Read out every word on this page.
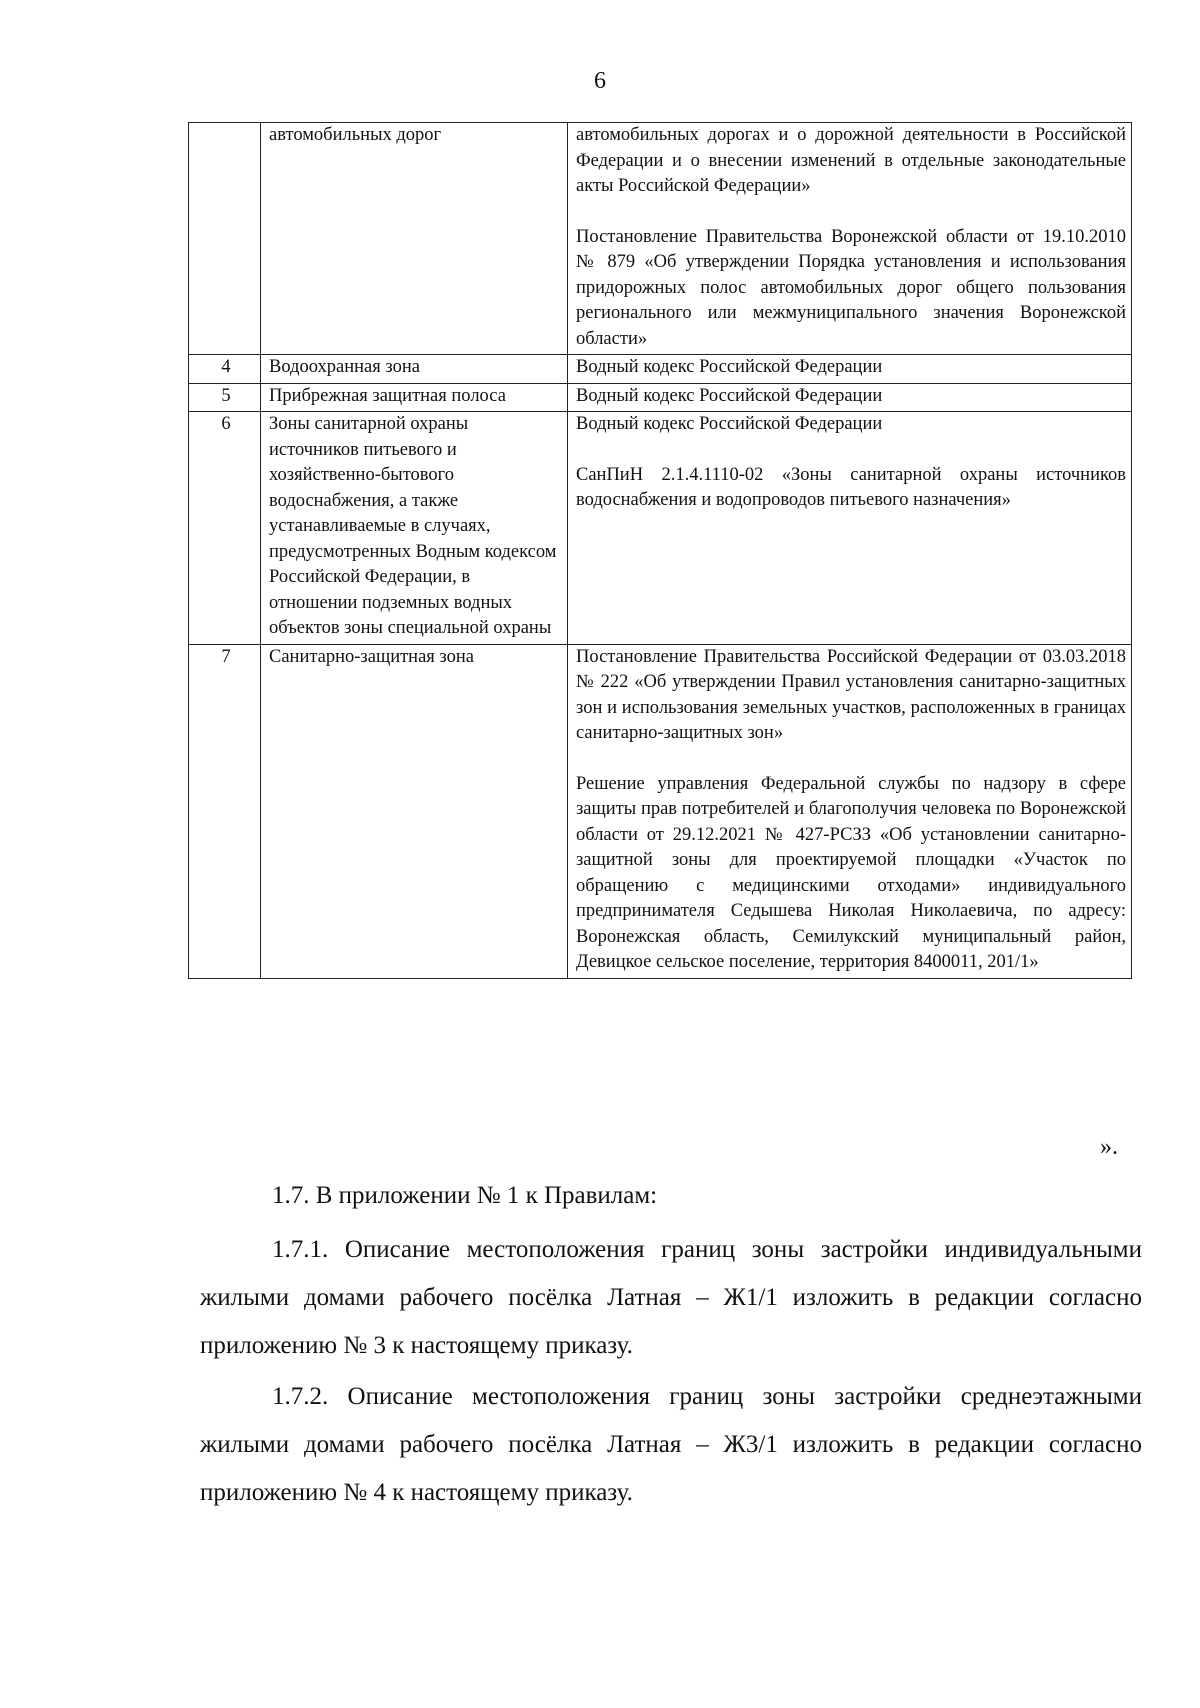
6
	автомобильных дорог	автомобильных дорогах и о дорожной деятельности в Российской Федерации и о внесении изменений в отдельные законодательные акты Российской Федерации»

Постановление Правительства Воронежской области от 19.10.2010 № 879 «Об утверждении Порядка установления и использования придорожных полос автомобильных дорог общего пользования регионального или межмуниципального значения Воронежской области»

4	Водоохранная зона	Водный кодекс Российской Федерации

5	Прибрежная защитная полоса	Водный кодекс Российской Федерации

6	Зоны санитарной охраны источников питьевого и хозяйственно-бытового водоснабжения, а также устанавливаемые в случаях, предусмотренных Водным кодексом Российской Федерации, в отношении подземных водных объектов зоны специальной охраны	Водный кодекс Российской Федерации

СанПиН 2.1.4.1110-02 «Зоны санитарной охраны источников водоснабжения и водопроводов питьевого назначения»

7	Санитарно-защитная зона	Постановление Правительства Российской Федерации от 03.03.2018 № 222 «Об утверждении Правил установления санитарно-защитных зон и использования земельных участков, расположенных в границах санитарно-защитных зон»

Решение управления Федеральной службы по надзору в сфере защиты прав потребителей и благополучия человека по Воронежской области от 29.12.2021 № 427-РСЗЗ «Об установлении санитарно-защитной зоны для проектируемой площадки «Участок по обращению с медицинскими отходами» индивидуального предпринимателя Седышева Николая Николаевича, по адресу: Воронежская область, Семилукский муниципальный район, Девицкое сельское поселение, территория 8400011, 201/1»

».

1.7. В приложении № 1 к Правилам:

1.7.1. Описание местоположения границ зоны застройки индивидуальными жилыми домами рабочего посёлка Латная – Ж1/1 изложить в редакции согласно приложению № 3 к настоящему приказу.

1.7.2. Описание местоположения границ зоны застройки среднеэтажными жилыми домами рабочего посёлка Латная – Ж3/1 изложить в редакции согласно приложению № 4 к настоящему приказу.
